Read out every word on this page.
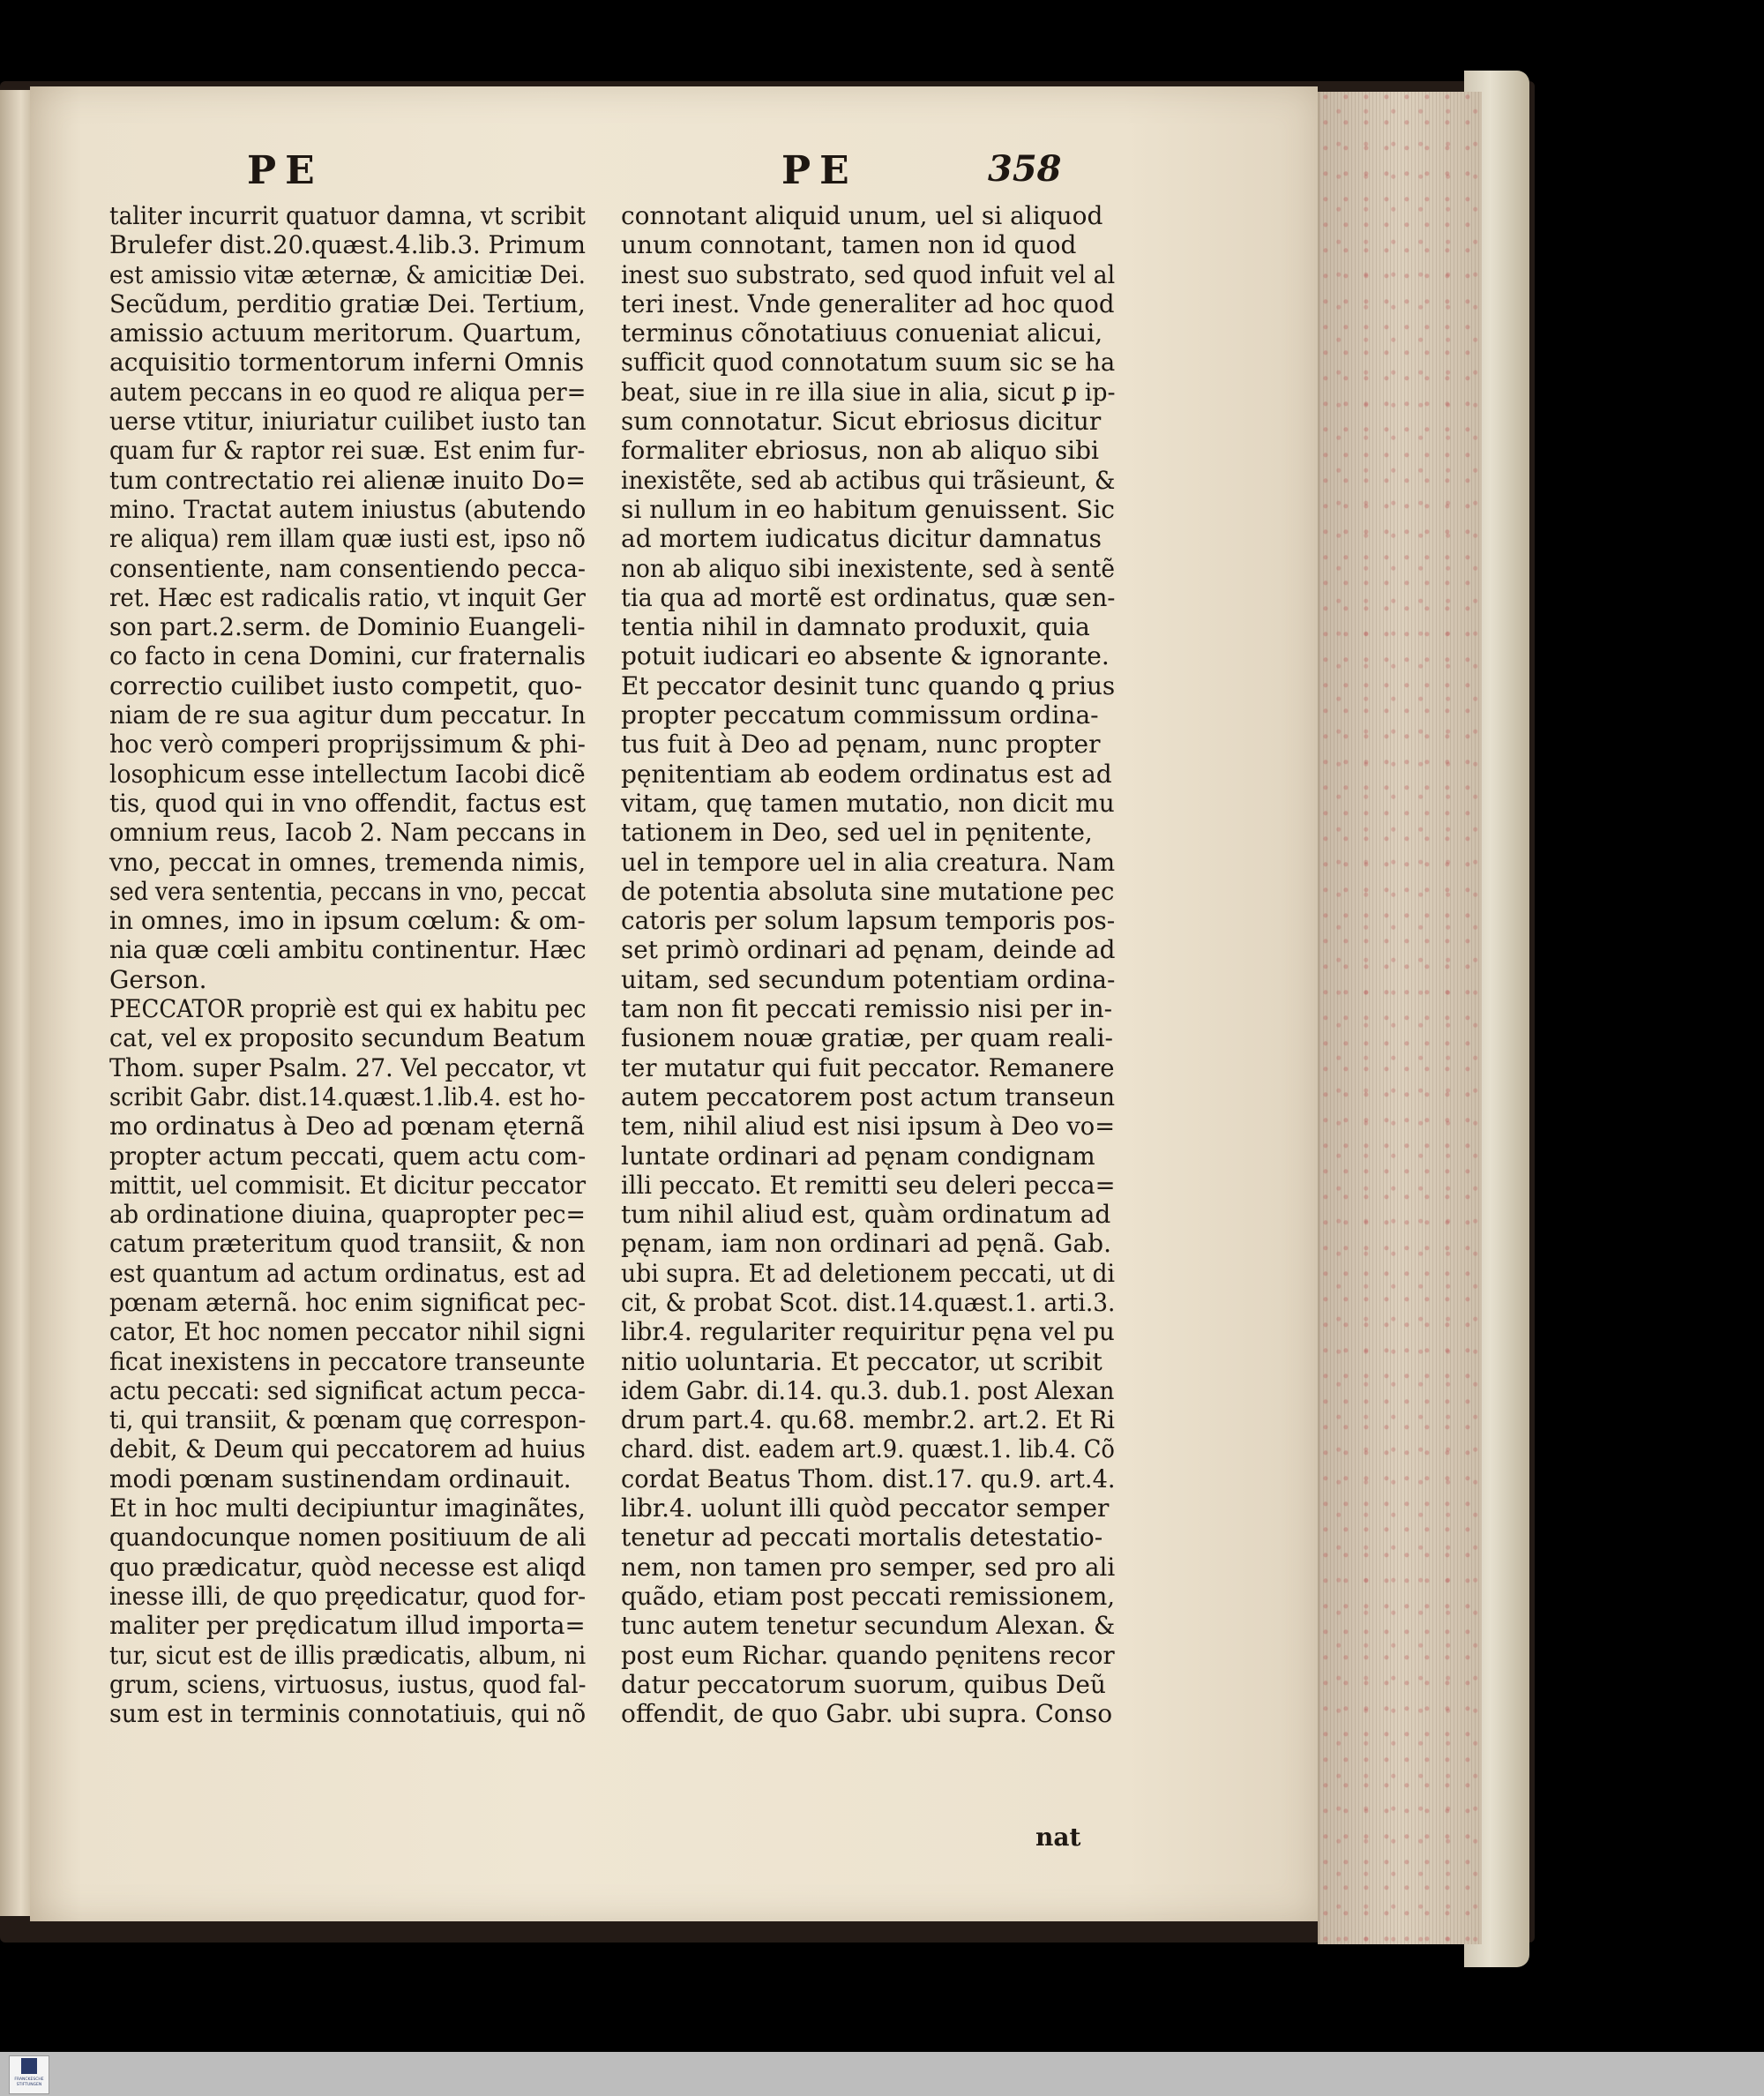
PE	PE	358
taliter incurrit quatuor damna, vt scribit
Brulefer dist.20.quæst.4.lib.3. Primum
est amissio vitæ æternæ, & amicitiæ Dei.
Secũdum, perditio gratiæ Dei. Tertium,
amissio actuum meritorum. Quartum,
acquisitio tormentorum inferni Omnis
autem peccans in eo quod re aliqua per=
uerse vtitur, iniuriatur cuilibet iusto tan
quam fur & raptor rei suæ. Est enim fur-
tum contrectatio rei alienæ inuito Do=
mino. Tractat autem iniustus (abutendo
re aliqua) rem illam quæ iusti est, ipso nõ
consentiente, nam consentiendo pecca-
ret. Hæc est radicalis ratio, vt inquit Ger
son part.2.serm. de Dominio Euangeli-
co facto in cena Domini, cur fraternalis
correctio cuilibet iusto competit, quo-
niam de re sua agitur dum peccatur. In
hoc verò comperi proprijssimum & phi-
losophicum esse intellectum Iacobi dicẽ
tis, quod qui in vno offendit, factus est
omnium reus, Iacob 2. Nam peccans in
vno, peccat in omnes, tremenda nimis,
sed vera sententia, peccans in vno, peccat
in omnes, imo in ipsum cœlum: & om-
nia quæ cœli ambitu continentur. Hæc
Gerson.
PECCATOR propriè est qui ex habitu pec
cat, vel ex proposito secundum Beatum
Thom. super Psalm. 27. Vel peccator, vt
scribit Gabr. dist.14.quæst.1.lib.4. est ho-
mo ordinatus à Deo ad pœnam ęternã
propter actum peccati, quem actu com-
mittit, uel commisit. Et dicitur peccator
ab ordinatione diuina, quapropter pec=
catum præteritum quod transiit, & non
est quantum ad actum ordinatus, est ad
pœnam æternã. hoc enim significat pec-
cator, Et hoc nomen peccator nihil signi
ficat inexistens in peccatore transeunte
actu peccati: sed significat actum pecca-
ti, qui transiit, & pœnam quę correspon-
debit, & Deum qui peccatorem ad huius
modi pœnam sustinendam ordinauit.
Et in hoc multi decipiuntur imaginãtes,
quandocunque nomen positiuum de ali
quo prædicatur, quòd necesse est aliqd
inesse illi, de quo pręedicatur, quod for-
maliter per prędicatum illud importa=
tur, sicut est de illis prædicatis, album, ni
grum, sciens, virtuosus, iustus, quod fal-
sum est in terminis connotatiuis, qui nõ
connotant aliquid unum, uel si aliquod
unum connotant, tamen non id quod
inest suo substrato, sed quod infuit vel al
teri inest. Vnde generaliter ad hoc quod
terminus cõnotatiuus conueniat alicui,
sufficit quod connotatum suum sic se ha
beat, siue in re illa siue in alia, sicut ꝑ ip-
sum connotatur. Sicut ebriosus dicitur
formaliter ebriosus, non ab aliquo sibi
inexistẽte, sed ab actibus qui trãsieunt, &
si nullum in eo habitum genuissent. Sic
ad mortem iudicatus dicitur damnatus
non ab aliquo sibi inexistente, sed à sentẽ
tia qua ad mortẽ est ordinatus, quæ sen-
tentia nihil in damnato produxit, quia
potuit iudicari eo absente & ignorante.
Et peccator desinit tunc quando ꝗ prius
propter peccatum commissum ordina-
tus fuit à Deo ad pęnam, nunc propter
pęnitentiam ab eodem ordinatus est ad
vitam, quę tamen mutatio, non dicit mu
tationem in Deo, sed uel in pęnitente,
uel in tempore uel in alia creatura. Nam
de potentia absoluta sine mutatione pec
catoris per solum lapsum temporis pos-
set primò ordinari ad pęnam, deinde ad
uitam, sed secundum potentiam ordina-
tam non fit peccati remissio nisi per in-
fusionem nouæ gratiæ, per quam reali-
ter mutatur qui fuit peccator. Remanere
autem peccatorem post actum transeun
tem, nihil aliud est nisi ipsum à Deo vo=
luntate ordinari ad pęnam condignam
illi peccato. Et remitti seu deleri pecca=
tum nihil aliud est, quàm ordinatum ad
pęnam, iam non ordinari ad pęnã. Gab.
ubi supra. Et ad deletionem peccati, ut di
cit, & probat Scot. dist.14.quæst.1. arti.3.
libr.4. regulariter requiritur pęna vel pu
nitio uoluntaria. Et peccator, ut scribit
idem Gabr. di.14. qu.3. dub.1. post Alexan
drum part.4. qu.68. membr.2. art.2. Et Ri
chard. dist. eadem art.9. quæst.1. lib.4. Cõ
cordat Beatus Thom. dist.17. qu.9. art.4.
libr.4. uolunt illi quòd peccator semper
tenetur ad peccati mortalis detestatio-
nem, non tamen pro semper, sed pro ali
quãdo, etiam post peccati remissionem,
tunc autem tenetur secundum Alexan. &
post eum Richar. quando pęnitens recor
datur peccatorum suorum, quibus Deũ
offendit, de quo Gabr. ubi supra. Conso
nat
FRANCKESCHE
STIFTUNGEN
